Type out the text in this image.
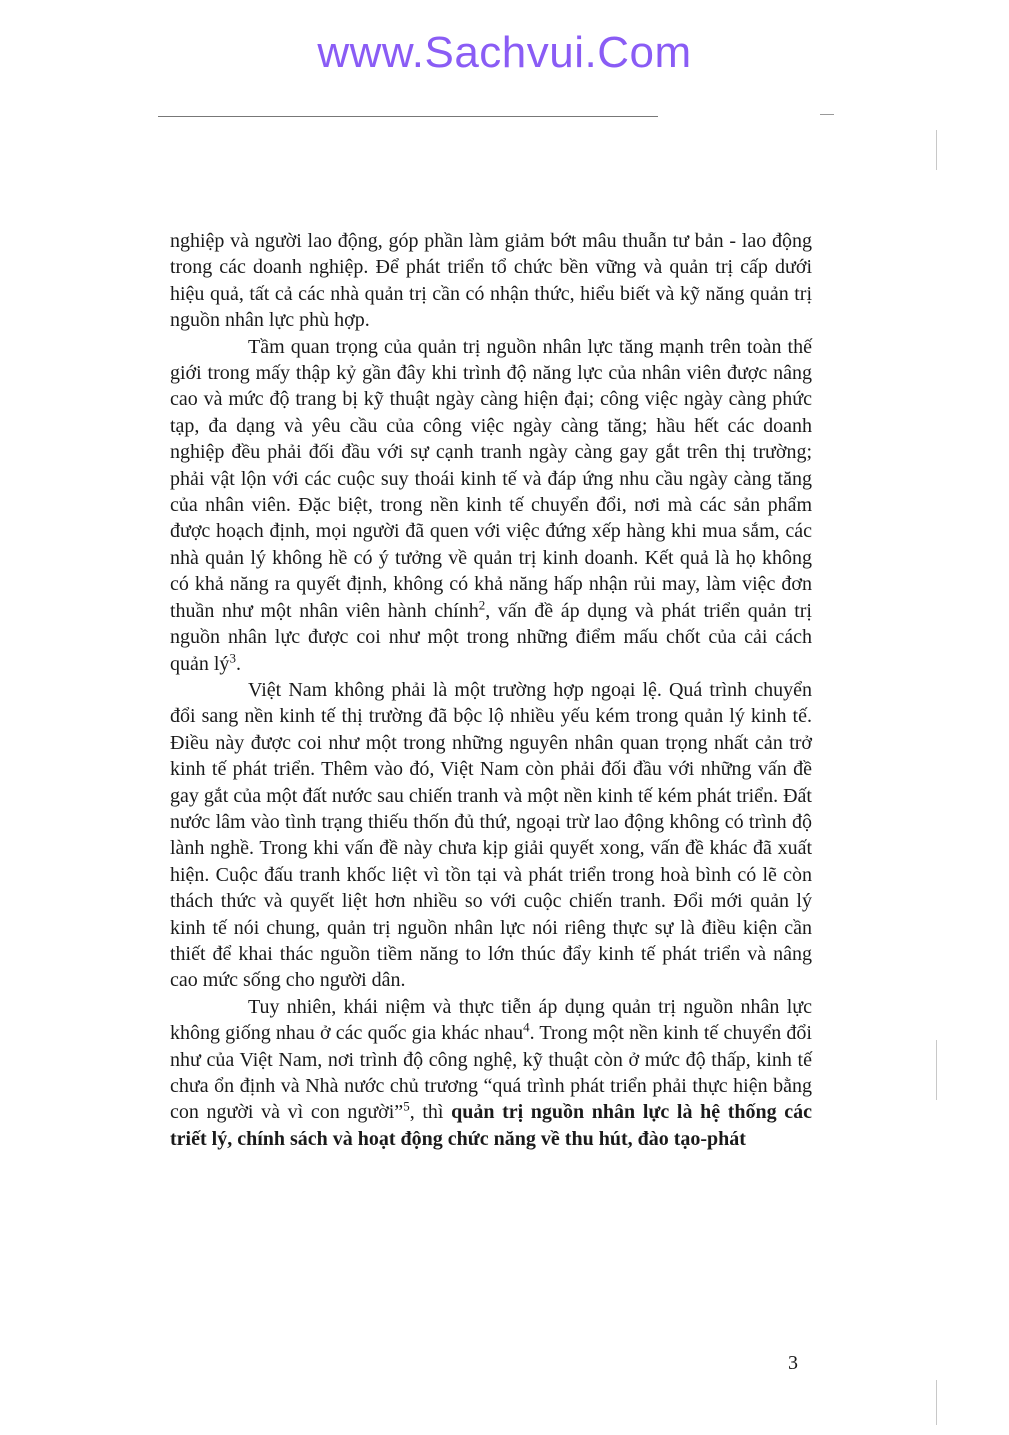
www.Sachvui.Com

nghiệp và người lao động, góp phần làm giảm bớt mâu thuẫn tư bản - lao động trong các doanh nghiệp. Để phát triển tổ chức bền vững và quản trị cấp dưới hiệu quả, tất cả các nhà quản trị cần có nhận thức, hiểu biết và kỹ năng quản trị nguồn nhân lực phù hợp.

Tầm quan trọng của quản trị nguồn nhân lực tăng mạnh trên toàn thế giới trong mấy thập kỷ gần đây khi trình độ năng lực của nhân viên được nâng cao và mức độ trang bị kỹ thuật ngày càng hiện đại; công việc ngày càng phức tạp, đa dạng và yêu cầu của công việc ngày càng tăng; hầu hết các doanh nghiệp đều phải đối đầu với sự cạnh tranh ngày càng gay gắt trên thị trường; phải vật lộn với các cuộc suy thoái kinh tế và đáp ứng nhu cầu ngày càng tăng của nhân viên. Đặc biệt, trong nền kinh tế chuyển đổi, nơi mà các sản phẩm được hoạch định, mọi người đã quen với việc đứng xếp hàng khi mua sắm, các nhà quản lý không hề có ý tưởng về quản trị kinh doanh. Kết quả là họ không có khả năng ra quyết định, không có khả năng hấp nhận rủi may, làm việc đơn thuần như một nhân viên hành chính$^2$, vấn đề áp dụng và phát triển quản trị nguồn nhân lực được coi như một trong những điểm mấu chốt của cải cách quản $lý^3$.

Việt Nam không phải là một trường hợp ngoại lệ. Quá trình chuyển đổi sang nền kinh tế thị trường đã bộc lộ nhiều yếu kém trong quản lý kinh tế. Điều này được coi như một trong những nguyên nhân quan trọng nhất cản trở kinh tế phát triển. Thêm vào đó, Việt Nam còn phải đối đầu với những vấn đề gay gắt của một đất nước sau chiến tranh và một nền kinh tế kém phát triển. Đất nước lâm vào tình trạng thiếu thốn đủ thứ, ngoại trừ lao động không có trình độ lành nghề. Trong khi vấn đề này chưa kịp giải quyết xong, vấn đề khác đã xuất hiện. Cuộc đấu tranh khốc liệt vì tồn tại và phát triển trong hoà bình có lẽ còn thách thức và quyết liệt hơn nhiều so với cuộc chiến tranh. Đổi mới quản lý kinh tế nói chung, quản trị nguồn nhân lực nói riêng thực sự là điều kiện cần thiết để khai thác nguồn tiềm năng to lớn thúc đẩy kinh tế phát triển và nâng cao mức sống cho người dân.

Tuy nhiên, khái niệm và thực tiễn áp dụng quản trị nguồn nhân lực không giống nhau ở các quốc gia khác nhau$^4$. Trong một nền kinh tế chuyển đổi như của Việt Nam, nơi trình độ công nghệ, kỹ thuật còn ở mức độ thấp, kinh tế chưa ổn định và Nhà nước chủ trương “quá trình phát triển phải thực hiện bằng con người và vì con người”$^5$, thì quản trị nguồn nhân lực là hệ thống các triết lý, chính sách và hoạt động chức năng về thu hút, đào tạo-phát

3
